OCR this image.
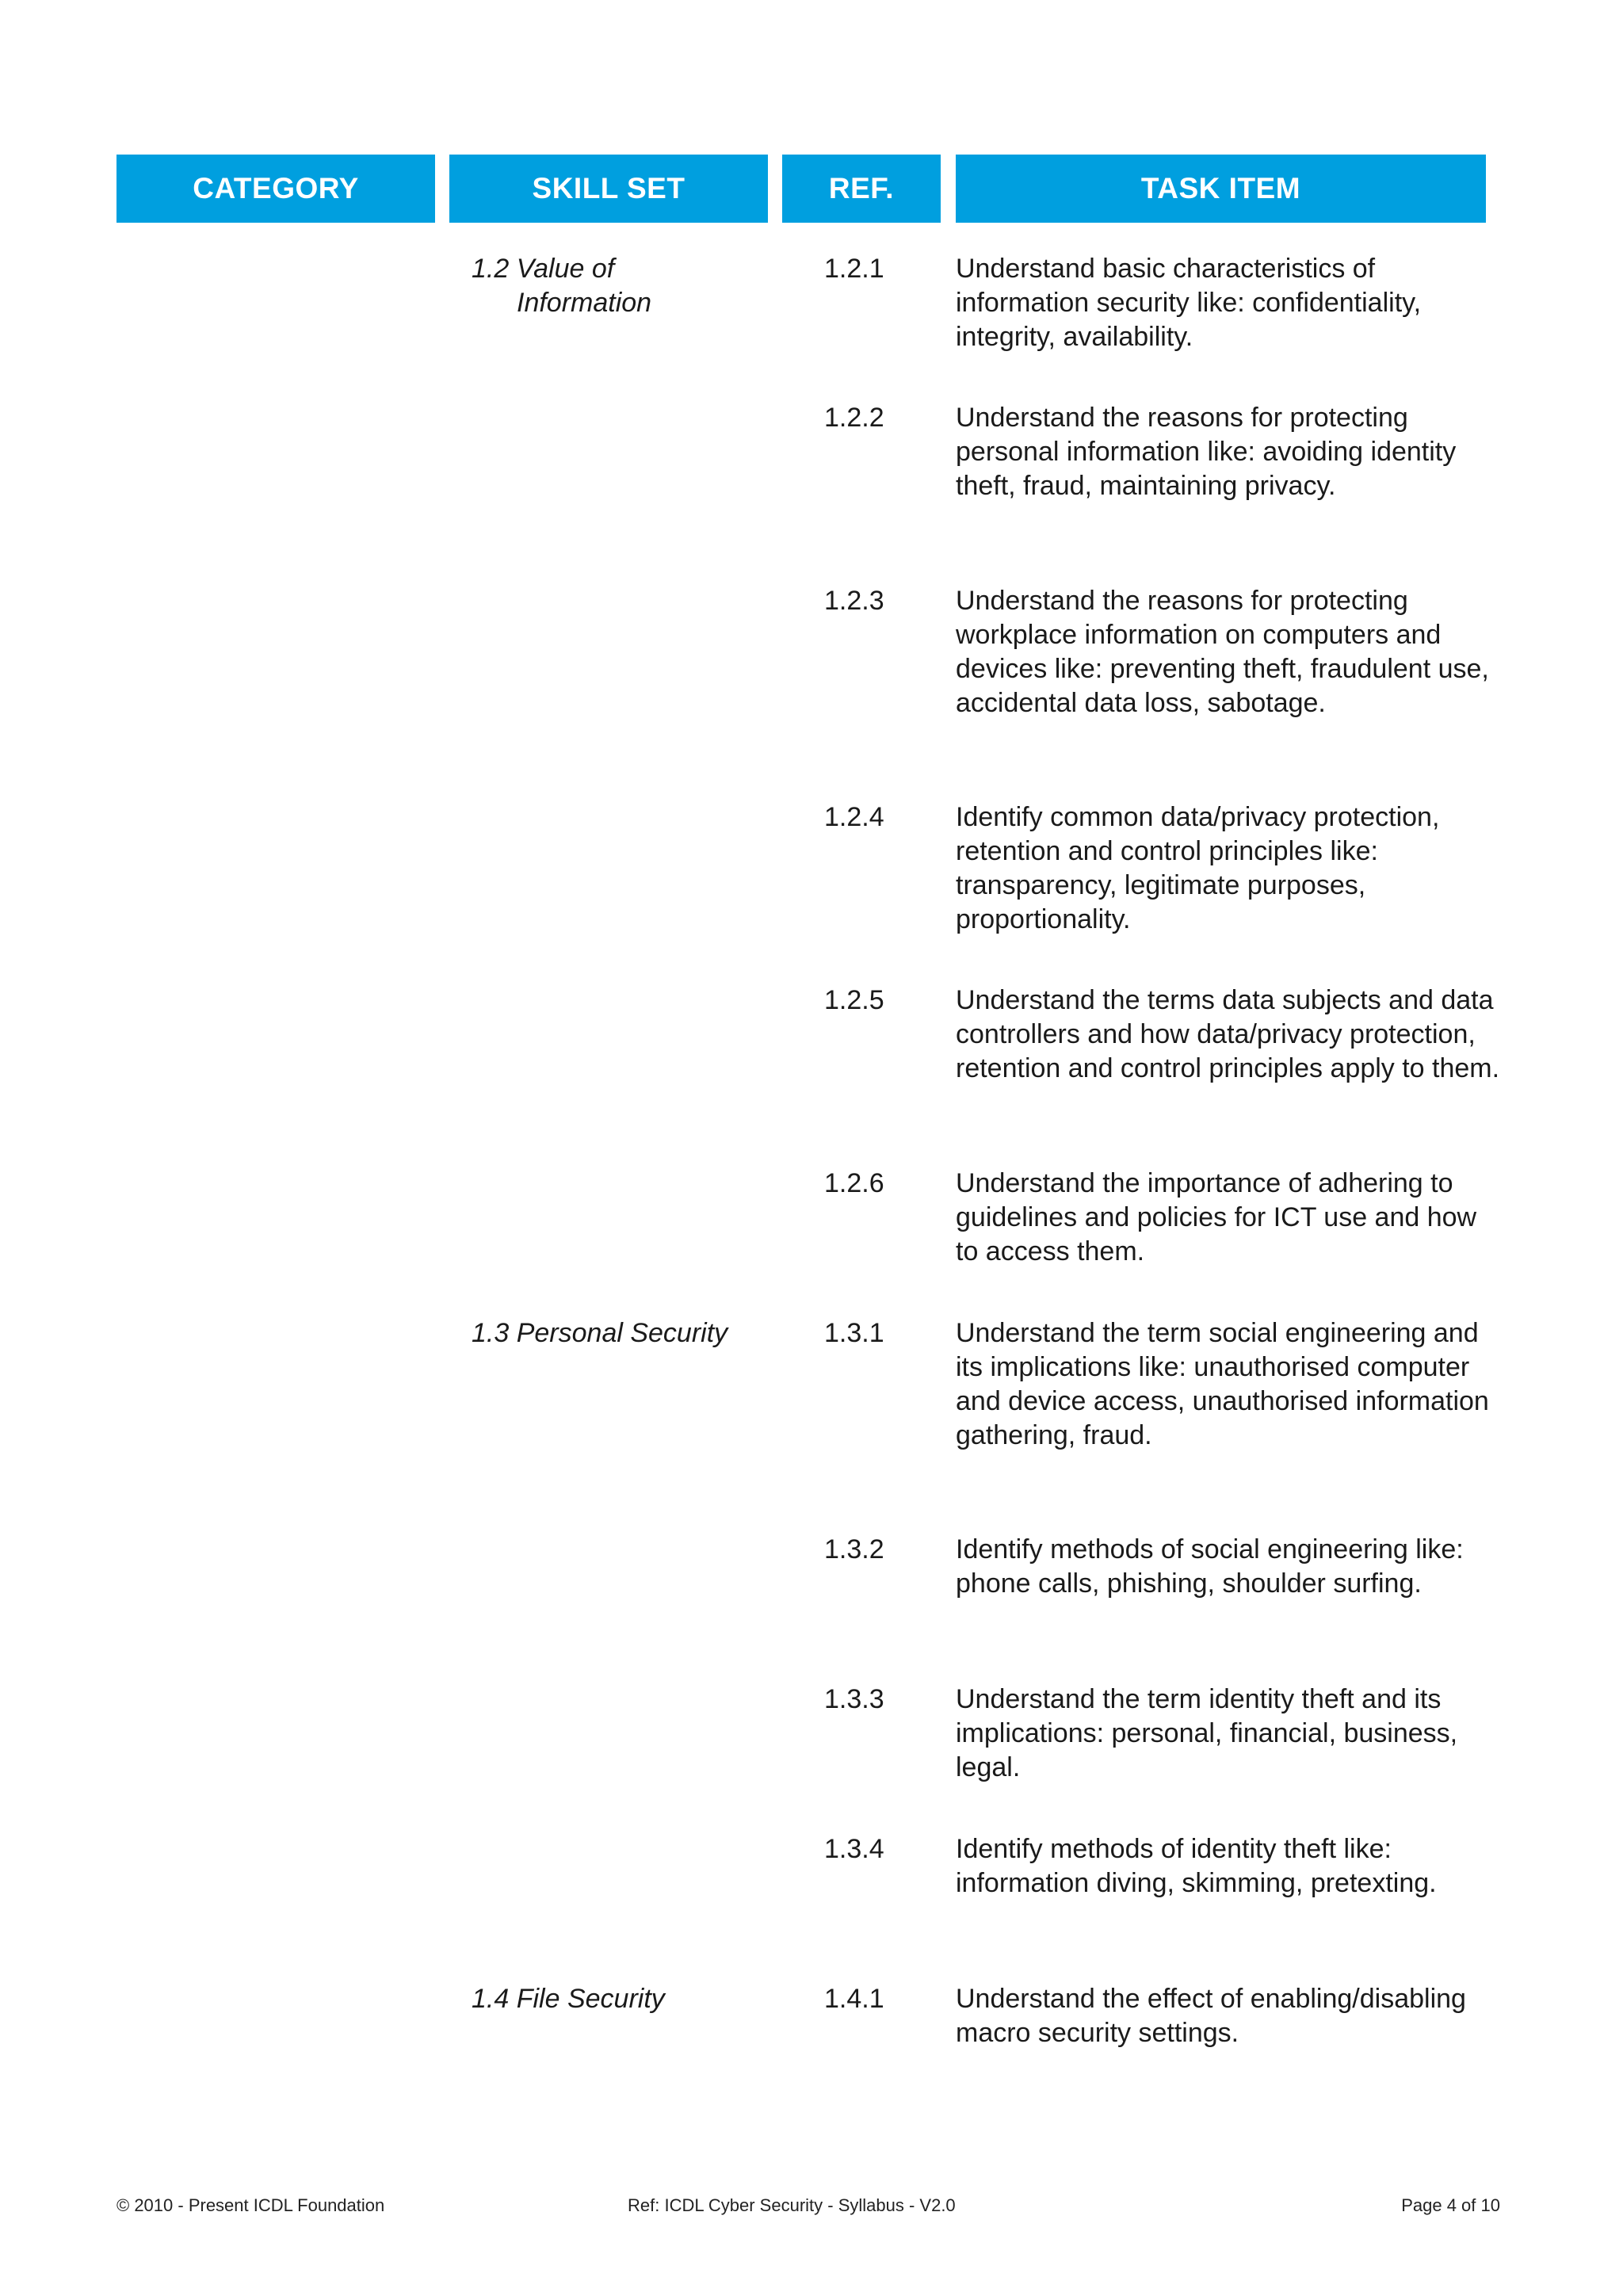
CATEGORY	SKILL SET	REF.	TASK ITEM
1.2 Value of
Information
1.2.1	Understand basic characteristics of information security like: confidentiality, integrity, availability.
1.2.2	Understand the reasons for protecting personal information like: avoiding identity theft, fraud, maintaining privacy.
1.2.3	Understand the reasons for protecting workplace information on computers and devices like: preventing theft, fraudulent use, accidental data loss, sabotage.
1.2.4	Identify common data/privacy protection, retention and control principles like: transparency, legitimate purposes, proportionality.
1.2.5	Understand the terms data subjects and data controllers and how data/privacy protection, retention and control principles apply to them.
1.2.6	Understand the importance of adhering to guidelines and policies for ICT use and how to access them.
1.3 Personal Security	1.3.1	Understand the term social engineering and its implications like: unauthorised computer and device access, unauthorised information gathering, fraud.
1.3.2	Identify methods of social engineering like: phone calls, phishing, shoulder surfing.
1.3.3	Understand the term identity theft and its implications: personal, financial, business, legal.
1.3.4	Identify methods of identity theft like: information diving, skimming, pretexting.
1.4 File Security	1.4.1	Understand the effect of enabling/disabling macro security settings.
© 2010 - Present ICDL Foundation	Ref: ICDL Cyber Security - Syllabus - V2.0	Page 4 of 10
